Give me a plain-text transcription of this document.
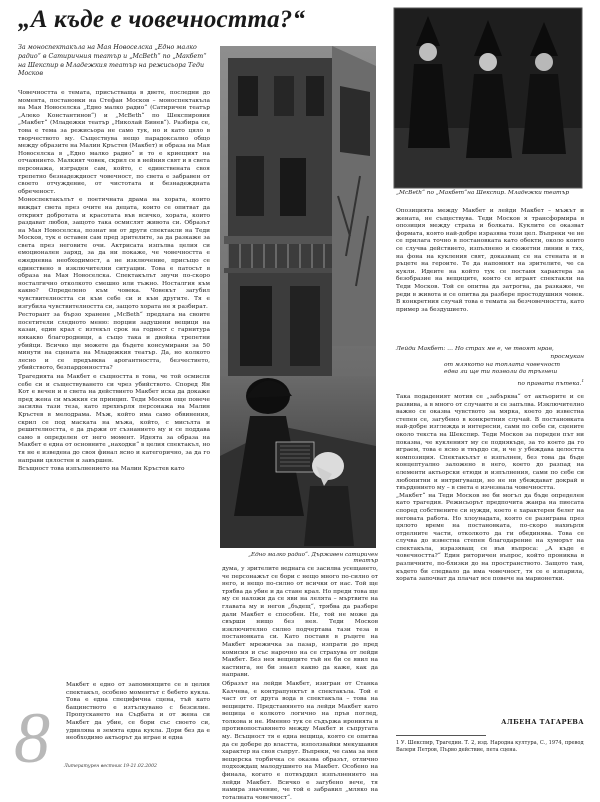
„А къде е човечността?“
За моноспектакъла на Мая Новоселска „Едно малко радио“ в Сатиричния театър и „McBeth“ по „Макбет“ на Шекспир в Младежкия театър на режисьора Теди Москов

Човечността е темата, присъстваща в двете, последни до момента, постановки на Стефан Москов – моноспектакъла на Мая Новоселска „Едно малко радио“ (Сатиричен театър „Алеко Константинов“) и „McBeth“ по Шекспировия „Макбет“ (Младежки театър „Николай Бинев“). Разбира се, това е тема за режисьора не само тук, но и като цяло в творчеството му. Съществува нещо парадоксално общо между образите на Малин Кръстев (Макбет) и образа на Мая Новоселска в „Едно малко радио“ и то е криещият на отчаянието. Малкият човек, скрил се в нейния свят и в света персонажа, изграден сам, който, с единствената своя трепетно безнадеждност човечност, по света е забравен от своето отчуждение, от чистотата и безнадеждната обреченост.

Моноспектакълът е поетичната драма на хората, които виждат света през очите на децата, които се опитват да открият добротата и красотата във всичко, хората, които раздават любов, защото така осмислят живота си. Образът на Мая Новоселска, познат ни от други спектакли на Теди Москов, тук е оставен сам пред зрителите, за да разкаже за света през неговите очи. Актрисата изпълва целия си емоционален заряд, за да ни покаже, че човечността е ежедневна необходимост, а не изключение, присъщо се единствено в изключителни ситуации. Това е патосът в образа на Мая Новоселска. Спектакълът звучи по-скоро носталгично отколкото смешно или тъжно. Носталгия към какво? Определено към човека. Човекът загубил чувствителността си към себе си и към другите. Тя е изгубила чувствителността си, защото хората не я разбират.

Ресторант за бързо хранене „McBeth“ предлага на своите посетители следното меню: порции задушени вещици на казан, един крал с изтекъл срок на годност с гарнитура някакво благородници, а също така и двойка трепетни убийци. Всичко ще можете да бъдете консумирани за 50 минути на сцената на Младежкия театър. Да, но колкото лесно и се предъвква арогантността, безчестието, убийството, безпардонността?

Трагедията на Макбет е същността в това, че той осмисля себе си и съществуването си чрез убийството. Според Ян Кот е вечен и в света на действието Макбет иска да докаже пред жена си мъжкия си принцип. Теди Москов още повече засилва тази теза, като прехвърля персонажа на Малин Кръстев в мелодрама. Мъж, който има само обвинения, скрил се под маската на мъжа, който, с мисълта и решителността, е да държи от съзнанието му и се поддава само в определен от него момент. Идеята за образа на Макбет е една от основните „находки“ в целия спектакъл, но тя не е изведена до своя финал ясно и категорично, за да го направи цялостен и завършен.

Всъщност това изпълнението на Малин Кръстев като

Макбет е едно от запомнящите се в целия спектакъл, особено моментът с бебето кукла. Това е една специфична сцена, тъй като бащинството е изтълкувано с безсилие. Пропускането на Съдбата и от жена си Макбет да убие, се бори със своето си, удивлява в земята една кукла. Дори без да е необходимо актьорът да играе и една

8	Литературен вестник 19-21.02.2002
„Едно малко радио“. Държавен сатиричен театър

дума, у зрителите веднага се засилва усещането, че персонажът се бори с нещо много по-силно от него, и нещо по-силно от всички от нас. Той ще трябва да убие и да стане крал. Но преди това ще му се наложи да се яви на лелята – мъртвите на главата му и негов „бъдещ“, трябва да разбере дали Макбет е способен. Не, той не може да свърши нищо без нея. Теди Москов изключително силно подчертава тази теза в постановката си. Като поставя в ръцете на Макбет мрежичка за пазар, изпрати до пред комисия и със нарочно на се страхува от лейди Макбет. Без нея вещиците тъй не би се явил на кастинга, не би знаел какво да каже, как да направи.

Образът на лейди Макбет, изигран от Станка Калчева, е контрапунктът в спектакъла. Той е част от от друга вода в спектакъла – това на вещиците. Представянето на лейди Макбет като вещица е колкото логично на пръв поглед, толкова и не. Именно тук се съдържа иронията в противопоставянето между Макбет и съпругата му. Всъщност тя е една вещица, която се опитва да се добере до властта, използвайки мекушавия характер на своя съпруг. Въпреки, че сама за нея вещерска торбичка се оказва образът, отлично подхождащ малодушието на Макбет. Особено на финала, когато е потвърдил изпълнението на лейди Макбет. Всичко е загубено вече, тя намира значение, че той е забравил „мляко на тоталната човечност“.

„McBeth“ по „Макбет“на Шекспир. Младежки театър
Опозицията между Макбет и лейди Макбет – мъжът и жената, не съществува. Теди Москов я трансформира в опозиция между страха и болката. Куклите се оказват формата, която най-добре изразява този цел. Въпреки че не се прилага точно в постановката като обекти, около които се случва действието, изпълнено и сюжетни линии в тях, на фона на кукления свят, доказващ се на стената и в ръцете на героите. Те да напомнят на зрителите, че са кукли. Идеите на който тук се поставя характера за безобразие на вещиците, които се играят спектакли на Теди Москов. Той се опитва да затрогва, да разкаже, че реди в живота и се опитва да разбере простодушния човек. В конкретния случай това е темата за безчовечността, като пример за бездушието.
Лейди Макбет: … Но страх ме е, че твоят нрав,
просмукан
от млякото на топлата човечност
едва ли ще ти позволи да тръгнеш
по правата пътека.$^1$

Така подаденият мотив се „забърква“ от актьорите и се развива, а в много от случаите и се запълва. Изключително важно се оказва чувството за мярка, което до известна степен се, загубено в конкретния случай. В постановката най-добре изглежда и интересни, сами по себе си, сцените около текста на Шекспир. Теди Москов за пореден път ни показва, че кукленият му се поднякъде, за то което да го играем, това е ясно и твърдо си, и че у убеждава целостта композиция. Спектакълът е изпълнен, без това да бъде концептуално заложено в него, което до разпад на елементи актьорски етюди и изпълнения, сами по себе си любопитни и интригуващи, но не ни убеждават докрай в твърдението му – в света е изчезнала човечността.

„Макбет“ на Теди Москов не би могъл да бъде определен като трагедия. Режисьорът предпочита жанра на пиесата според собствените си нужди, което е характерен белег на неговата работа. Но хлоунадата, която се разиграва през цялото време на постановката, по-скоро нахвърля отделните части, отколкото да ги обединява. Това се случва до известна степен благодарение на хуморът на спектакъла, изразяващ се във въпроса: „А къде е човечността?“ Един риторичен въпрос, който прониква в различните, по-близки до на пространството. Защото там, където би следвало да има човечност, тя се е изпарила, хората започват да плачат все повече на марионетки.

АЛБЕНА ТАГАРЕВА
1 У. Шекспир, Трагедии. Т. 2, изд. Народна култура, С., 1974, превод Валери Петров, Първо действие, пета сцена.
